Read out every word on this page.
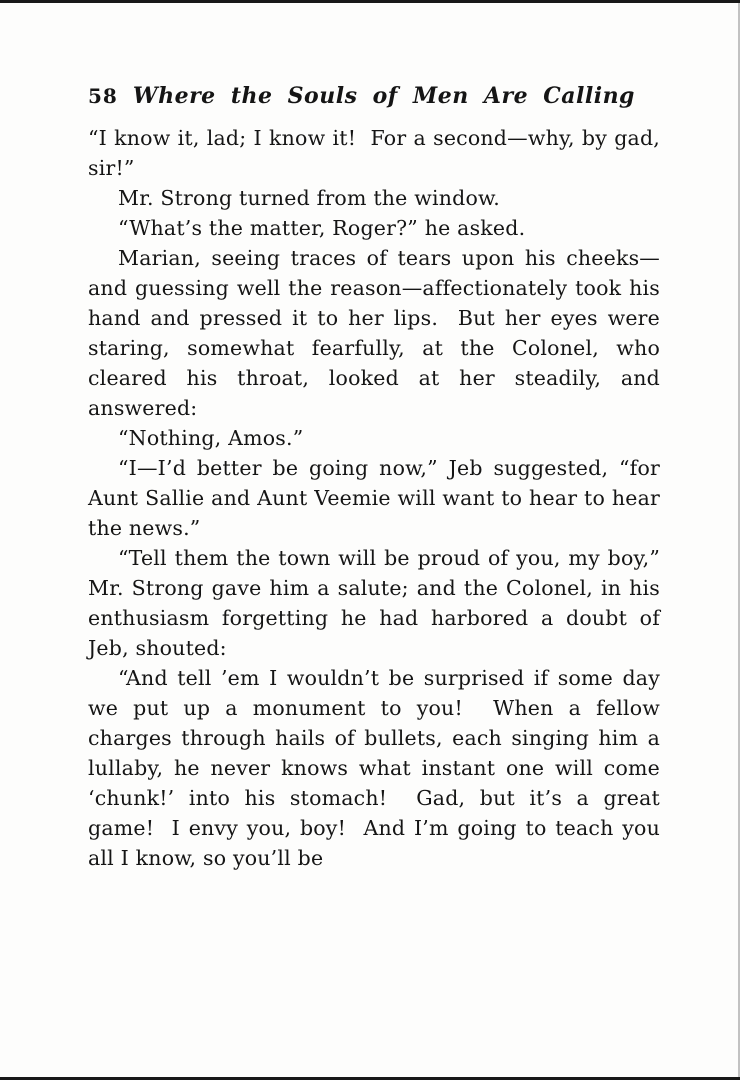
58 Where the Souls of Men Are Calling

“I know it, lad; I know it!  For a second—why, by gad, sir!”

Mr. Strong turned from the window.

“What’s the matter, Roger?” he asked.

Marian, seeing traces of tears upon his cheeks—and guessing well the reason—affectionately took his hand and pressed it to her lips.  But her eyes were staring, somewhat fearfully, at the Colonel, who cleared his throat, looked at her steadily, and answered:

“Nothing, Amos.”

“I—I’d better be going now,” Jeb suggested, “for Aunt Sallie and Aunt Veemie will want to hear to hear the news.”

“Tell them the town will be proud of you, my boy,” Mr. Strong gave him a salute; and the Colonel, in his enthusiasm forgetting he had harbored a doubt of Jeb, shouted:

“And tell ’em I wouldn’t be surprised if some day we put up a monument to you!  When a fellow charges through hails of bullets, each singing him a lullaby, he never knows what instant one will come ‘chunk!’ into his stomach!  Gad, but it’s a great game!  I envy you, boy!  And I’m going to teach you all I know, so you’ll be
